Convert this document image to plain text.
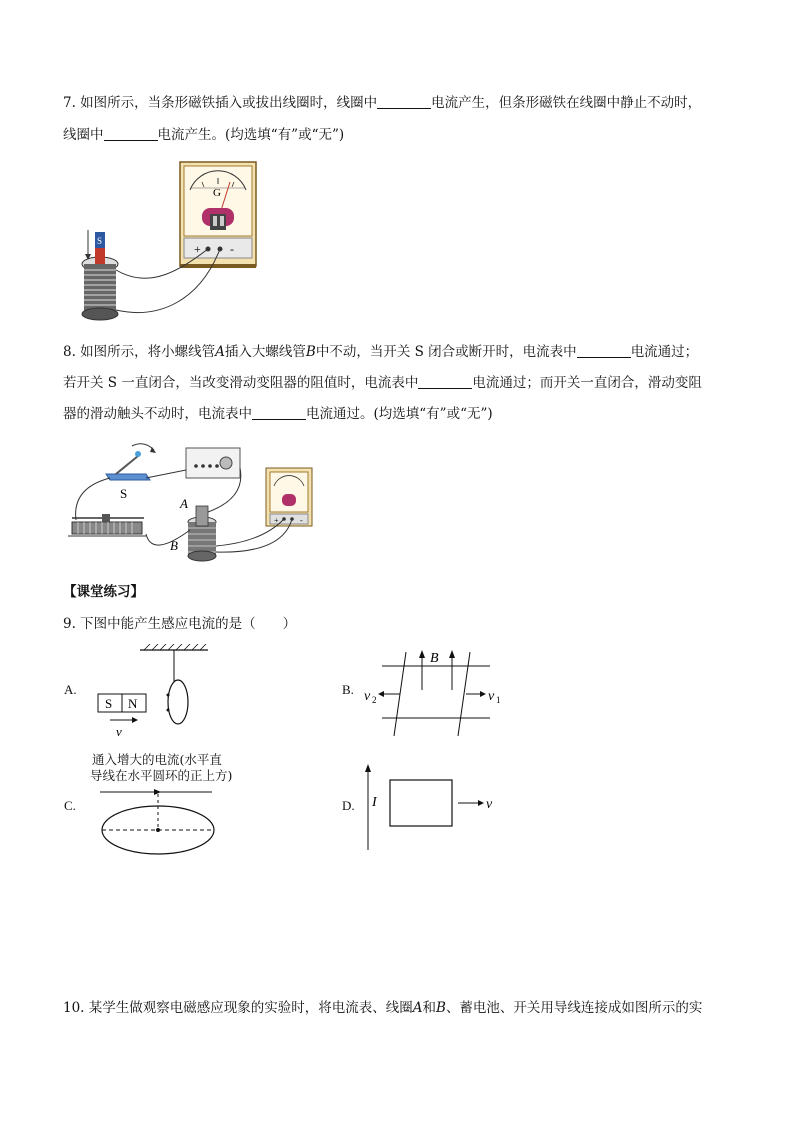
7. 如图所示，当条形磁铁插入或拔出线圈时，线圈中	电流产生，但条形磁铁在线圈中静止不动时，
线圈中	电流产生。(均选填“有”或“无”)
G
+ -
S
8. 如图所示，将小螺线管A插入大螺线管B中不动，当开关 S 闭合或断开时，电流表中	电流通过；
若开关 S 一直闭合，当改变滑动变阻器的阻值时，电流表中	电流通过；而开关一直闭合，滑动变阻
器的滑动触头不动时，电流表中	电流通过。(均选填“有”或“无”)
S
+	-
A
B
【课堂练习】
9. 下图中能产生感应电流的是（　　）
A.
S N
v
B.
B
v 2	v 1
C.
通入增大的电流(水平直
导线在水平圆环的正上方)
D. I	v
10. 某学生做观察电磁感应现象的实验时，将电流表、线圈A和B、蓄电池、开关用导线连接成如图所示的实
